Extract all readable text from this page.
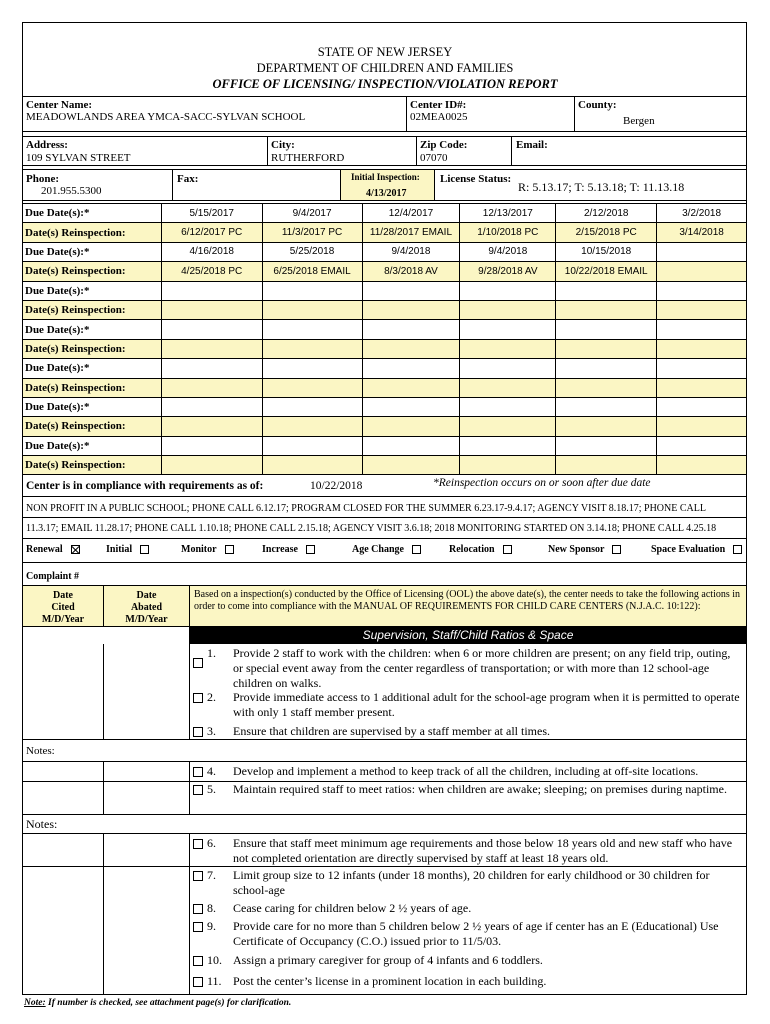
STATE OF NEW JERSEY
DEPARTMENT OF CHILDREN AND FAMILIES
OFFICE OF LICENSING/ INSPECTION/VIOLATION REPORT
Center Name:
MEADOWLANDS AREA YMCA-SACC-SYLVAN SCHOOL
Center ID#:
02MEA0025
County:
Bergen
Address:
109 SYLVAN STREET
City:
RUTHERFORD
Zip Code:
07070
Email:
Phone:
201.955.5300
Fax:	Initial Inspection:
4/13/2017
License Status:
R: 5.13.17; T: 5.13.18; T: 11.13.18
Due Date(s):*	5/15/2017	9/4/2017	12/4/2017	12/13/2017	2/12/2018	3/2/2018
Date(s) Reinspection:	6/12/2017 PC	11/3/2017 PC	11/28/2017 EMAIL	1/10/2018 PC	2/15/2018 PC	3/14/2018
Due Date(s):*	4/16/2018	5/25/2018	9/4/2018	9/4/2018	10/15/2018	
Date(s) Reinspection:	4/25/2018 PC	6/25/2018 EMAIL	8/3/2018 AV	9/28/2018 AV	10/22/2018 EMAIL	
Due Date(s):*						
Date(s) Reinspection:						
Due Date(s):*						
Date(s) Reinspection:						
Due Date(s):*						
Date(s) Reinspection:						
Due Date(s):*						
Date(s) Reinspection:						
Due Date(s):*						
Date(s) Reinspection:						
Center is in compliance with requirements as of:	10/22/2018	*Reinspection occurs on or soon after due date
NON PROFIT IN A PUBLIC SCHOOL; PHONE CALL 6.12.17; PROGRAM CLOSED FOR THE SUMMER 6.23.17-9.4.17; AGENCY VISIT 8.18.17; PHONE CALL
11.3.17; EMAIL 11.28.17; PHONE CALL 1.10.18; PHONE CALL 2.15.18; AGENCY VISIT 3.6.18; 2018 MONITORING STARTED ON 3.14.18; PHONE CALL 4.25.18
Renewal	Initial	Monitor	Increase	Age Change	Relocation	New Sponsor	Space Evaluation
Complaint #
Date
Cited
M/D/Year
Date
Abated
M/D/Year
Based on a inspection(s) conducted by the Office of Licensing (OOL) the above date(s), the center needs to take the following actions in order to come into compliance with the MANUAL OF REQUIREMENTS FOR CHILD CARE CENTERS (N.J.A.C. 10:122):
Supervision, Staff/Child Ratios & Space
Notes:
Notes:
1. Provide 2 staff to work with the children: when 6 or more children are present; on any field trip, outing, or special event away from the center regardless of transportation; or with more than 12 school-age children on walks.
2. Provide immediate access to 1 additional adult for the school-age program when it is permitted to operate with only 1 staff member present.
3. Ensure that children are supervised by a staff member at all times.
4. Develop and implement a method to keep track of all the children, including at off-site locations.
5. Maintain required staff to meet ratios: when children are awake; sleeping; on premises during naptime.
6. Ensure that staff meet minimum age requirements and those below 18 years old and new staff who have not completed orientation are directly supervised by staff at least 18 years old.
7. Limit group size to 12 infants (under 18 months), 20 children for early childhood or 30 children for school-age
8. Cease caring for children below 2 ½ years of age.
9. Provide care for no more than 5 children below 2 ½ years of age if center has an E (Educational) Use Certificate of Occupancy (C.O.) issued prior to 11/5/03.
10. Assign a primary caregiver for group of 4 infants and 6 toddlers.
11. Post the center’s license in a prominent location in each building.
Note: If number is checked, see attachment page(s) for clarification.
